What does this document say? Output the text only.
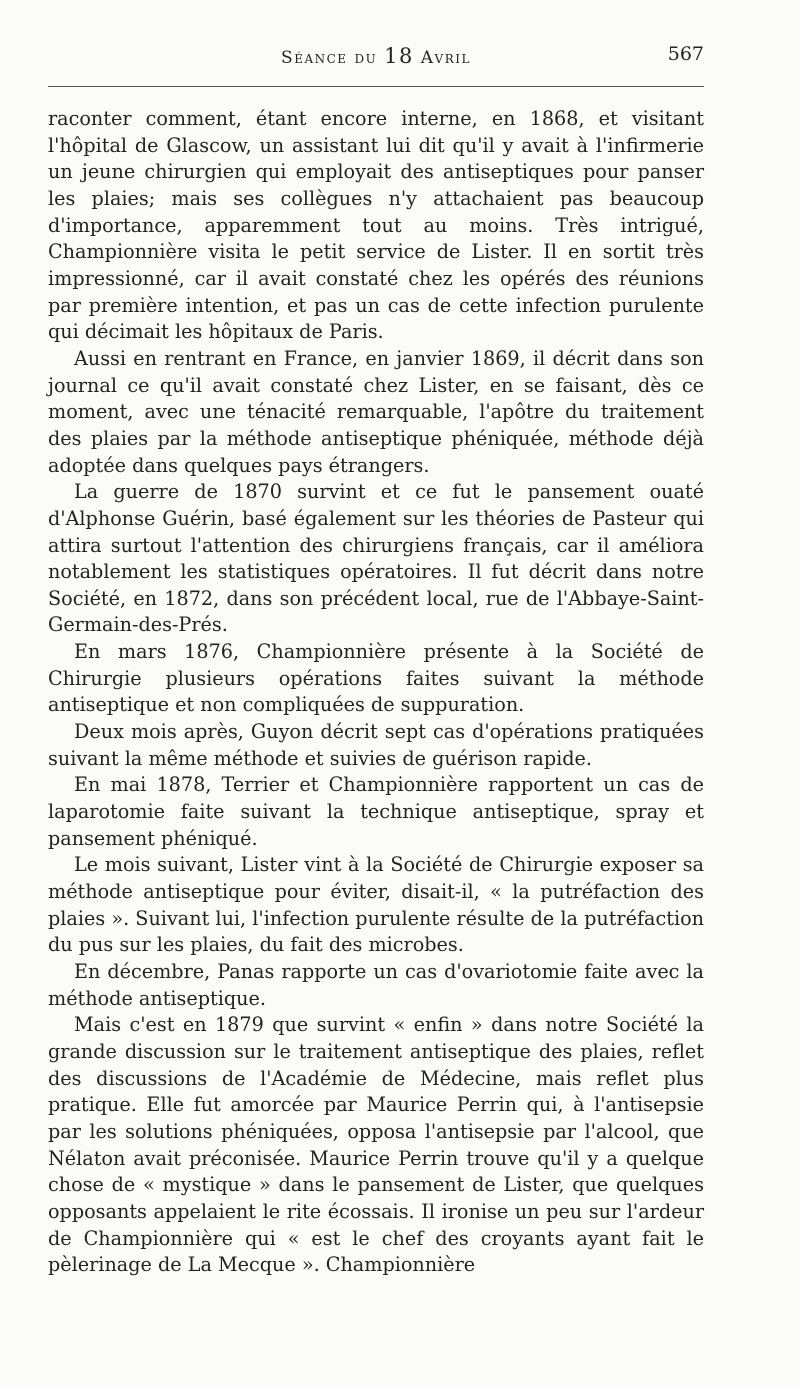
Séance du 18 Avril	567

raconter comment, étant encore interne, en 1868, et visitant l'hôpital de Glascow, un assistant lui dit qu'il y avait à l'infirmerie un jeune chirurgien qui employait des antiseptiques pour panser les plaies; mais ses collègues n'y attachaient pas beaucoup d'importance, apparemment tout au moins. Très intrigué, Championnière visita le petit service de Lister. Il en sortit très impressionné, car il avait constaté chez les opérés des réunions par première intention, et pas un cas de cette infection purulente qui décimait les hôpitaux de Paris.

Aussi en rentrant en France, en janvier 1869, il décrit dans son journal ce qu'il avait constaté chez Lister, en se faisant, dès ce moment, avec une ténacité remarquable, l'apôtre du traitement des plaies par la méthode antiseptique phéniquée, méthode déjà adoptée dans quelques pays étrangers.

La guerre de 1870 survint et ce fut le pansement ouaté d'Alphonse Guérin, basé également sur les théories de Pasteur qui attira surtout l'attention des chirurgiens français, car il améliora notablement les statistiques opératoires. Il fut décrit dans notre Société, en 1872, dans son précédent local, rue de l'Abbaye-Saint-Germain-des-Prés.

En mars 1876, Championnière présente à la Société de Chirurgie plusieurs opérations faites suivant la méthode antiseptique et non compliquées de suppuration.

Deux mois après, Guyon décrit sept cas d'opérations pratiquées suivant la même méthode et suivies de guérison rapide.

En mai 1878, Terrier et Championnière rapportent un cas de laparotomie faite suivant la technique antiseptique, spray et pansement phéniqué.

Le mois suivant, Lister vint à la Société de Chirurgie exposer sa méthode antiseptique pour éviter, disait-il, « la putréfaction des plaies ». Suivant lui, l'infection purulente résulte de la putréfaction du pus sur les plaies, du fait des microbes.

En décembre, Panas rapporte un cas d'ovariotomie faite avec la méthode antiseptique.

Mais c'est en 1879 que survint « enfin » dans notre Société la grande discussion sur le traitement antiseptique des plaies, reflet des discussions de l'Académie de Médecine, mais reflet plus pratique. Elle fut amorcée par Maurice Perrin qui, à l'antisepsie par les solutions phéniquées, opposa l'antisepsie par l'alcool, que Nélaton avait préconisée. Maurice Perrin trouve qu'il y a quelque chose de « mystique » dans le pansement de Lister, que quelques opposants appelaient le rite écossais. Il ironise un peu sur l'ardeur de Championnière qui « est le chef des croyants ayant fait le pèlerinage de La Mecque ». Championnière
